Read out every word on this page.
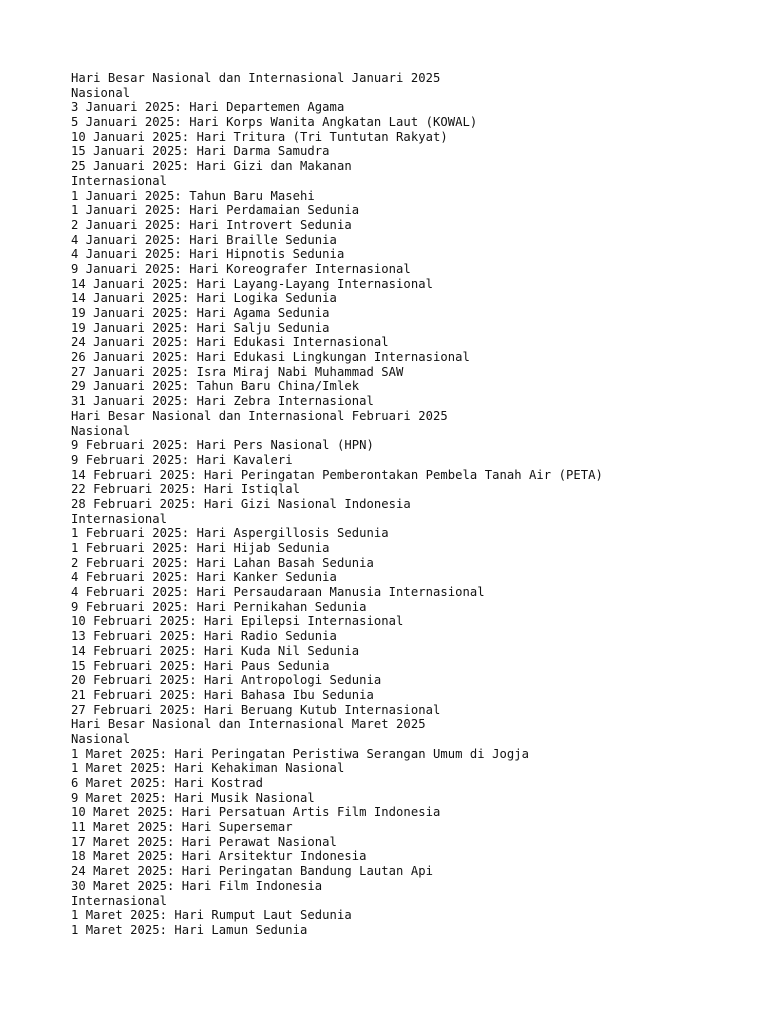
Hari Besar Nasional dan Internasional Januari 2025
Nasional
3 Januari 2025: Hari Departemen Agama
5 Januari 2025: Hari Korps Wanita Angkatan Laut (KOWAL)
10 Januari 2025: Hari Tritura (Tri Tuntutan Rakyat)
15 Januari 2025: Hari Darma Samudra
25 Januari 2025: Hari Gizi dan Makanan
Internasional
1 Januari 2025: Tahun Baru Masehi
1 Januari 2025: Hari Perdamaian Sedunia
2 Januari 2025: Hari Introvert Sedunia
4 Januari 2025: Hari Braille Sedunia
4 Januari 2025: Hari Hipnotis Sedunia
9 Januari 2025: Hari Koreografer Internasional
14 Januari 2025: Hari Layang-Layang Internasional
14 Januari 2025: Hari Logika Sedunia
19 Januari 2025: Hari Agama Sedunia
19 Januari 2025: Hari Salju Sedunia
24 Januari 2025: Hari Edukasi Internasional
26 Januari 2025: Hari Edukasi Lingkungan Internasional
27 Januari 2025: Isra Miraj Nabi Muhammad SAW
29 Januari 2025: Tahun Baru China/Imlek
31 Januari 2025: Hari Zebra Internasional
Hari Besar Nasional dan Internasional Februari 2025
Nasional
9 Februari 2025: Hari Pers Nasional (HPN)
9 Februari 2025: Hari Kavaleri
14 Februari 2025: Hari Peringatan Pemberontakan Pembela Tanah Air (PETA)
22 Februari 2025: Hari Istiqlal
28 Februari 2025: Hari Gizi Nasional Indonesia
Internasional
1 Februari 2025: Hari Aspergillosis Sedunia
1 Februari 2025: Hari Hijab Sedunia
2 Februari 2025: Hari Lahan Basah Sedunia
4 Februari 2025: Hari Kanker Sedunia
4 Februari 2025: Hari Persaudaraan Manusia Internasional
9 Februari 2025: Hari Pernikahan Sedunia
10 Februari 2025: Hari Epilepsi Internasional
13 Februari 2025: Hari Radio Sedunia
14 Februari 2025: Hari Kuda Nil Sedunia
15 Februari 2025: Hari Paus Sedunia
20 Februari 2025: Hari Antropologi Sedunia
21 Februari 2025: Hari Bahasa Ibu Sedunia
27 Februari 2025: Hari Beruang Kutub Internasional
Hari Besar Nasional dan Internasional Maret 2025
Nasional
1 Maret 2025: Hari Peringatan Peristiwa Serangan Umum di Jogja
1 Maret 2025: Hari Kehakiman Nasional
6 Maret 2025: Hari Kostrad
9 Maret 2025: Hari Musik Nasional
10 Maret 2025: Hari Persatuan Artis Film Indonesia
11 Maret 2025: Hari Supersemar
17 Maret 2025: Hari Perawat Nasional
18 Maret 2025: Hari Arsitektur Indonesia
24 Maret 2025: Hari Peringatan Bandung Lautan Api
30 Maret 2025: Hari Film Indonesia
Internasional
1 Maret 2025: Hari Rumput Laut Sedunia
1 Maret 2025: Hari Lamun Sedunia
